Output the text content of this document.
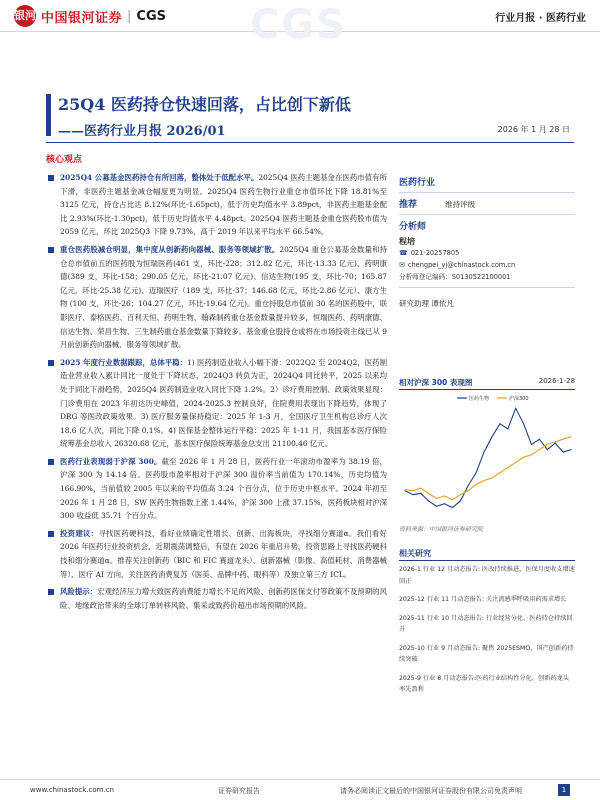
CGS
银河 中国银河证券 | CGS	行业月报 · 医药行业
25Q4 医药持仓快速回落，占比创下新低
——医药行业月报 2026/01	2026 年 1 月 28 日
核心观点
2025Q4 公募基金医药持仓有所回落，整体处于低配水平。2025Q4 医药主题基金在医药市值有所下滑，非医药主题基金减仓幅度更为明显。2025Q4 医药生物行业重仓市值环比下降 18.81%至 3125 亿元，持仓占比达 8.12%(环比-1.65pct)，低于历史均值水平 3.89pct，非医药主题基金配比 2.93%(环比-1.30pct)，低于历史均值水平 4.48pct。2025Q4 医药主题基金重仓医药股市值为 2059 亿元，环比 2025Q3 下降 9.73%，高于 2019 年以来平均水平 66.54%。
重仓医药股减仓明显，集中度从创新药向器械、服务等领域扩散。2025Q4 重仓公募基金数量和持仓总市值前五的医药股为恒瑞医药(461 支，环比-228；312.82 亿元，环比-13.33 亿元)、药明康德(389 支，环比-158；290.05 亿元，环比-21.07 亿元)、信达生物(195 支，环比-70；165.87 亿元，环比-25.38 亿元)、迈瑞医疗（189 支，环比-37；146.68 亿元，环比-2.86 亿元）、康方生物 (100 支，环比-26；104.27 亿元，环比-19.64 亿元)。重仓持股总市值前 30 名的医药股中，联影医疗、泰格医药、百利天恒、药明生物、翰森制药重仓基金数量提升较多，恒瑞医药、药明康德、信达生物、荣昌生物、三生制药重仓基金数量下降较多。基金重仓股持仓或将在市场投资主线已从 9 月前创新药向器械、服务等领域扩散。
2025 年度行业数据跟踪，总体平稳：1) 医药制造业收入小幅下滑：2022Q2 至 2024Q2，医药制造业营业收入累计同比一度处于下降状态，2024Q3 转负为正，2024Q4 同比转平，2025 以来均处于同比下滑趋势，2025Q4 医药制造业收入同比下降 1.2%。2）诊疗费用控制、政策效果显现：门诊费用在 2023 年初达历史峰值，2024-2025.3 控制良好，住院费用表现出下降趋势，体现了 DRG 等医改政策效果。3) 医疗服务量保持稳定：2025 年 1-3 月，全国医疗卫生机构总诊疗人次 18.6 亿人次，同比下降 0.1%。4) 医保基金整体运行平稳：2025 年 1-11 月，我国基本医疗保险统筹基金总收入 26320.68 亿元，基本医疗保险统筹基金总支出 21100.46 亿元。
医药行业表现弱于沪深 300。截至 2026 年 1 月 28 日，医药行业一年滚动市盈率为 38.19 倍，沪深 300 为 14.14 倍。医药股市盈率相对于沪深 300 溢价率当前值为 170.14%，历史均值为 166.90%，当前值较 2005 年以来的平均值高 3.24 个百分点，位于历史中枢水平。2024 年初至 2026 年 1 月 28 日，SW 医药生物指数上涨 1.44%，沪深 300 上涨 37.15%，医药板块相对沪深 300 收益低 35.71 个百分点。
投资建议：寻找医药硬科技，看好业绩确定性增长、创新、出海板块，寻找细分赛道α。我们看好 2026 年医药行业投资机会，近期震荡调整后，有望在 2026 年重启升势，投资思路上寻找医药硬科技和细分赛道α。推荐关注创新药（BIC 和 FIC 赛道龙头）、创新器械（影像、高值耗材、消费器械等）、医疗 AI 方向，关注医药消费复苏（医美、品牌中药、眼科等）及独立第三方 ICL。
风险提示：宏观经济压力增大致医药消费能力增长不足的风险、创新药医保支付等政策不及预期的风险、地缘政治带来的全球订单转移风险、集采或致药价超出市场预期的风险。
医药行业
推荐	维持评级
分析师
程培
☎ 021-20257805
✉ chengpei_yj@chinastock.com.cn
分析师登记编码：S0130522100001
研究助理 谭依凡
相对沪深 300 表现图	2026-1-28
医药生物	沪深300
资料来源：中国银河证券研究院
相关研究
2026-1 行业 12 月动态报告: 医改持续推进，医保月度收支增速回正
2025-12 行业 11 月动态报告: 关注流感季呼吸用药需求增长
2025-11 行业 10 月动态报告: 行业经营分化，医药持仓持续回升
2025-10 行业 9 月动态报告: 聚焦 2025ESMO，国产创新药持续突破
2025-9 行业 8 月动态报告:医药行业结构性分化，创新药龙头率先盈利
www.chinastock.com.cn	证券研究报告	请务必阅读正文最后的中国银河证券股份有限公司免责声明	1
